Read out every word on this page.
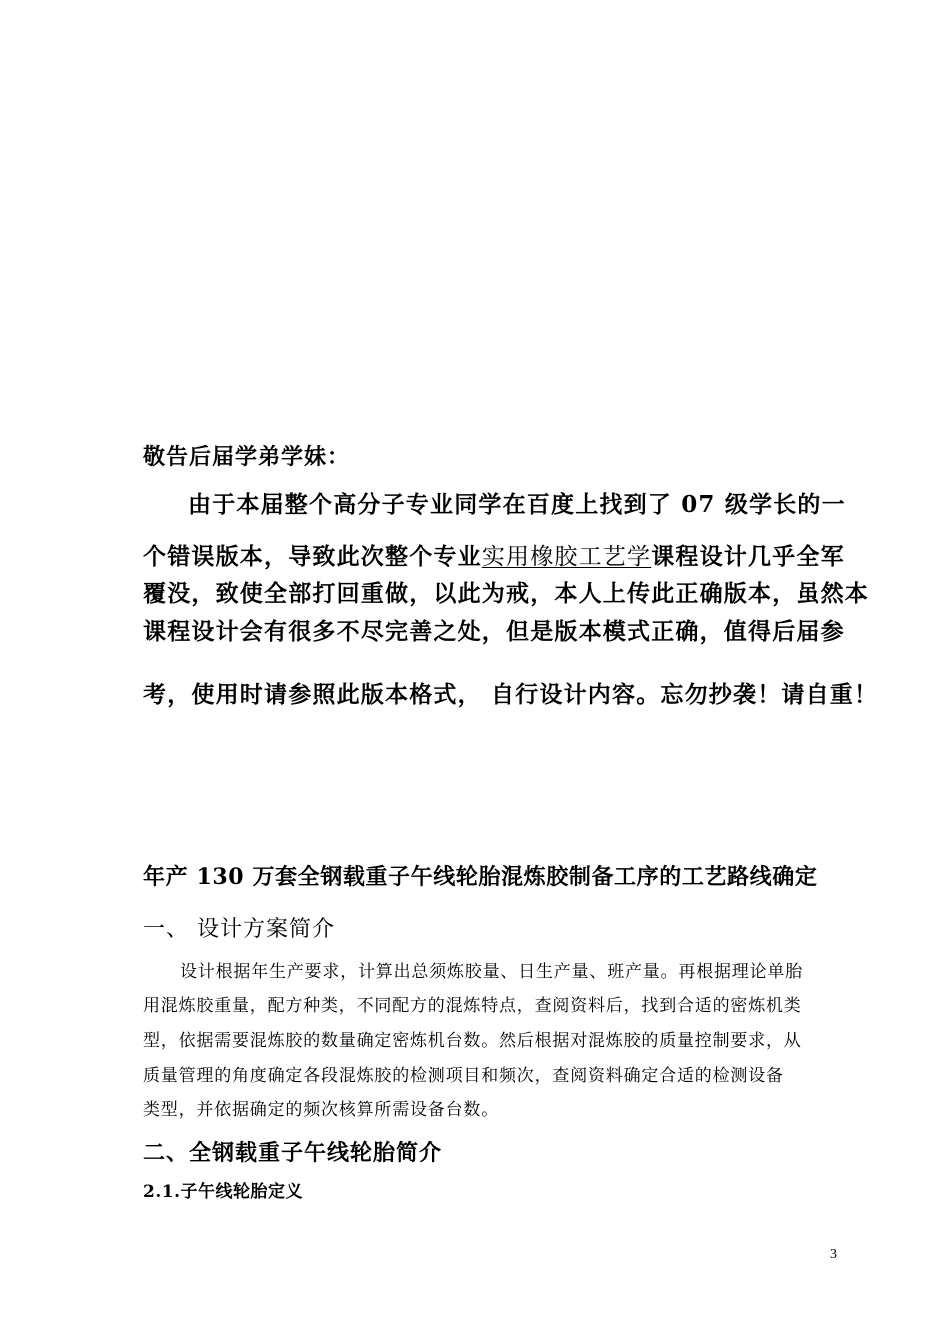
敬告后届学弟学妹：
由于本届整个高分子专业同学在百度上找到了 07 级学长的一
个错误版本，导致此次整个专业实用橡胶工艺学课程设计几乎全军
覆没，致使全部打回重做，以此为戒，本人上传此正确版本，虽然本
课程设计会有很多不尽完善之处，但是版本模式正确，值得后届参
考，使用时请参照此版本格式， 自行设计内容。忘勿抄袭！请自重！
年产 130 万套全钢载重子午线轮胎混炼胶制备工序的工艺路线确定
一、 设计方案简介
设计根据年生产要求，计算出总须炼胶量、日生产量、班产量。再根据理论单胎
用混炼胶重量，配方种类，不同配方的混炼特点，查阅资料后，找到合适的密炼机类
型，依据需要混炼胶的数量确定密炼机台数。然后根据对混炼胶的质量控制要求，从
质量管理的角度确定各段混炼胶的检测项目和频次，查阅资料确定合适的检测设备
类型，并依据确定的频次核算所需设备台数。
二、全钢载重子午线轮胎简介
2.1.子午线轮胎定义
3
